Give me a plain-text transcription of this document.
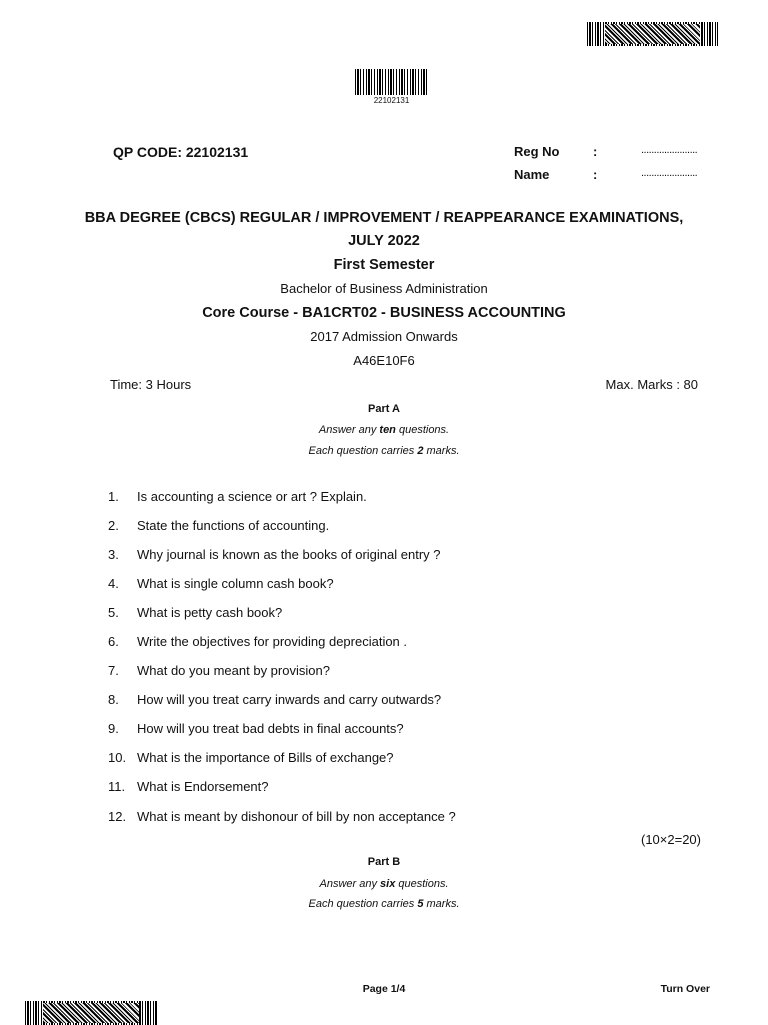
22102131
QP CODE: 22102131	Reg No	:	......................
Name	:	......................
BBA DEGREE (CBCS) REGULAR / IMPROVEMENT / REAPPEARANCE EXAMINATIONS,
JULY 2022
First Semester
Bachelor of Business Administration
Core Course - BA1CRT02 - BUSINESS ACCOUNTING
2017 Admission Onwards
A46E10F6
Time: 3 Hours	Max. Marks : 80
Part A
Answer any ten questions.
Each question carries 2 marks.
1. Is accounting a science or art ? Explain.
2. State the functions of accounting.
3. Why journal is known as the books of original entry ?
4. What is single column cash book?
5. What is petty cash book?
6. Write the objectives for providing depreciation .
7. What do you meant by provision?
8. How will you treat carry inwards and carry outwards?
9. How will you treat bad debts in final accounts?
10. What is the importance of Bills of exchange?
11. What is Endorsement?
12. What is meant by dishonour of bill by non acceptance ?
(10×2=20)
Part B
Answer any six questions.
Each question carries 5 marks.
Page 1/4	Turn Over
